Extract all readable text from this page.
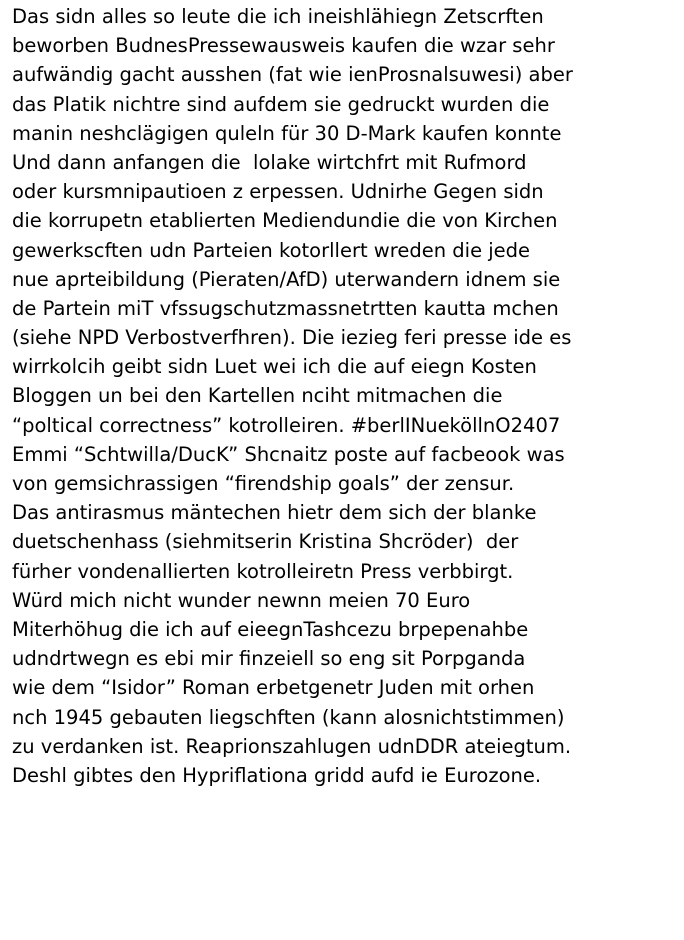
Das sidn alles so leute die ich ineishlähiegn Zetscrften

beworben BudnesPressewausweis kaufen die wzar sehr

aufwändig gacht ausshen (fat wie ienProsnalsuwesi) aber

das Platik nichtre sind aufdem sie gedruckt wurden die

manin neshclägigen quleln für 30 D-Mark kaufen konnte

Und dann anfangen die  lolake wirtchfrt mit Rufmord

oder kursmnipautioen z erpessen. Udnirhe Gegen sidn

die korrupetn etablierten Mediendundie die von Kirchen

gewerkscften udn Parteien kotorllert wreden die jede

nue aprteibildung (Pieraten/AfD) uterwandern idnem sie

de Partein miT vfssugschutzmassnetrtten kautta mchen

(siehe NPD Verbostverfhren). Die iezieg feri presse ide es

wirrkolcih geibt sidn Luet wei ich die auf eiegn Kosten

Bloggen un bei den Kartellen nciht mitmachen die

“poltical correctness” kotrolleiren. #berlINueköllnO2407

Emmi “Schtwilla/DucK” Shcnaitz poste auf facbeook was

von gemsichrassigen “firendship goals” der zensur.

Das antirasmus mäntechen hietr dem sich der blanke

duetschenhass (siehmitserin Kristina Shcröder)  der

fürher vondenallierten kotrolleiretn Press verbbirgt.

Würd mich nicht wunder newnn meien 70 Euro

Miterhöhug die ich auf eieegnTashcezu brpepenahbe

udndrtwegn es ebi mir finzeiell so eng sit Porpganda

wie dem “Isidor” Roman erbetgenetr Juden mit orhen

nch 1945 gebauten liegschften (kann alosnichtstimmen)

zu verdanken ist. Reaprionszahlugen udnDDR ateiegtum.

Deshl gibtes den Hypriflationa gridd aufd ie Eurozone.
